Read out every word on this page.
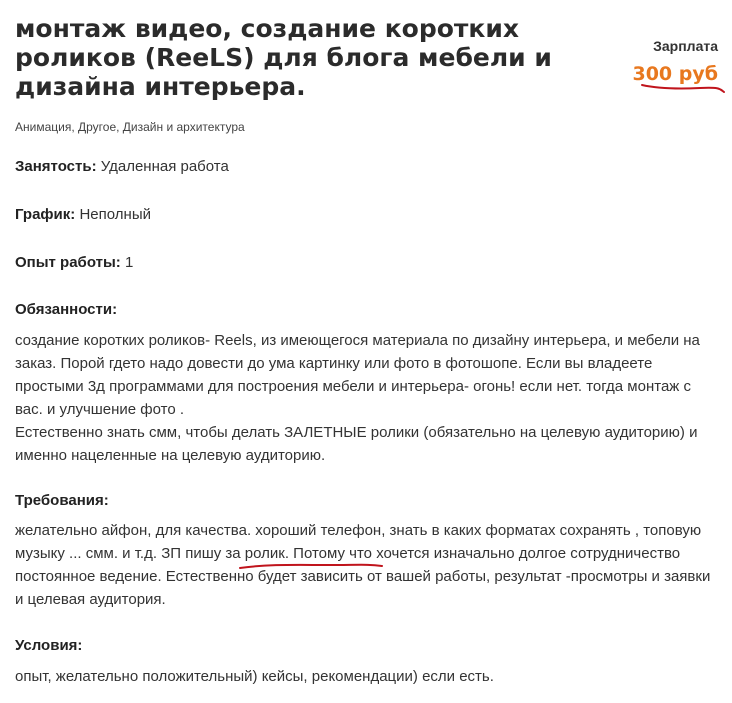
монтаж видео, создание коротких роликов (ReeLS) для блога мебели и дизайна интерьера.
Зарплата
300 руб
Анимация, Другое, Дизайн и архитектура
Занятость: Удаленная работа
График: Неполный
Опыт работы: 1
Обязанности:

создание коротких роликов- Reels, из имеющегося материала по дизайну интерьера, и мебели на заказ. Порой гдето надо довести до ума картинку или фото в фотошопе. Если вы владеете простыми 3д программами для построения мебели и интерьера- огонь! если нет. тогда монтаж с вас. и улучшение фото .

Естественно знать смм, чтобы делать ЗАЛЕТНЫЕ ролики (обязательно на целевую аудиторию) и именно нацеленные на целевую аудиторию.

Требования:
желательно айфон, для качества. хороший телефон, знать в каких форматах сохранять , топовую музыку ... смм. и т.д. ЗП пишу за ролик. Потому что хочется изначально долгое сотрудничество постоянное ведение. Естественно будет зависить от вашей работы, результат -просмотры и заявки и целевая аудитория.
Условия:
опыт, желательно положительный) кейсы, рекомендации) если есть.
